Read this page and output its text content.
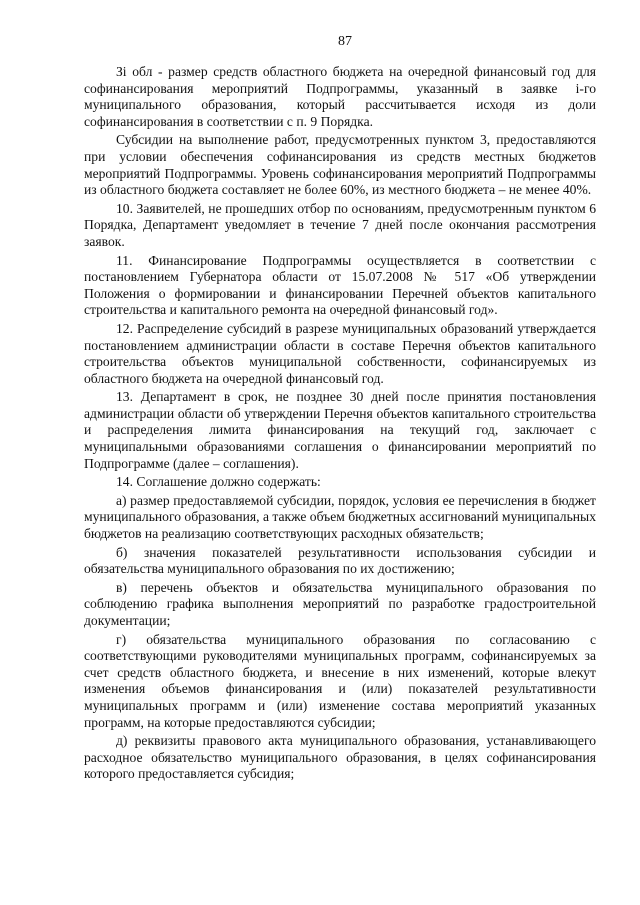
87

Зi обл - размер средств областного бюджета на очередной финансовый год для софинансирования мероприятий Подпрограммы, указанный в заявке i-го муниципального образования, который рассчитывается исходя из доли софинансирования в соответствии с п. 9 Порядка.

Субсидии на выполнение работ, предусмотренных пунктом 3, предоставляются при условии обеспечения софинансирования из средств местных бюджетов мероприятий Подпрограммы. Уровень софинансирования мероприятий Подпрограммы из областного бюджета составляет не более 60%, из местного бюджета – не менее 40%.

10. Заявителей, не прошедших отбор по основаниям, предусмотренным пунктом 6 Порядка, Департамент уведомляет в течение 7 дней после окончания рассмотрения заявок.

11. Финансирование Подпрограммы осуществляется в соответствии с постановлением Губернатора области от 15.07.2008 № 517 «Об утверждении Положения о формировании и финансировании Перечней объектов капитального строительства и капитального ремонта на очередной финансовый год».

12. Распределение субсидий в разрезе муниципальных образований утверждается постановлением администрации области в составе Перечня объектов капитального строительства объектов муниципальной собственности, софинансируемых из областного бюджета на очередной финансовый год.

13. Департамент в срок, не позднее 30 дней после принятия постановления администрации области об утверждении Перечня объектов капитального строительства и распределения лимита финансирования на текущий год, заключает с муниципальными образованиями соглашения о финансировании мероприятий по Подпрограмме (далее – соглашения).

14. Соглашение должно содержать:

а) размер предоставляемой субсидии, порядок, условия ее перечисления в бюджет муниципального образования, а также объем бюджетных ассигнований муниципальных бюджетов на реализацию соответствующих расходных обязательств;

б) значения показателей результативности использования субсидии и обязательства муниципального образования по их достижению;

в) перечень объектов и обязательства муниципального образования по соблюдению графика выполнения мероприятий по разработке градостроительной документации;

г) обязательства муниципального образования по согласованию с соответствующими руководителями муниципальных программ, софинансируемых за счет средств областного бюджета, и внесение в них изменений, которые влекут изменения объемов финансирования и (или) показателей результативности муниципальных программ и (или) изменение состава мероприятий указанных программ, на которые предоставляются субсидии;

д) реквизиты правового акта муниципального образования, устанавливающего расходное обязательство муниципального образования, в целях софинансирования которого предоставляется субсидия;
